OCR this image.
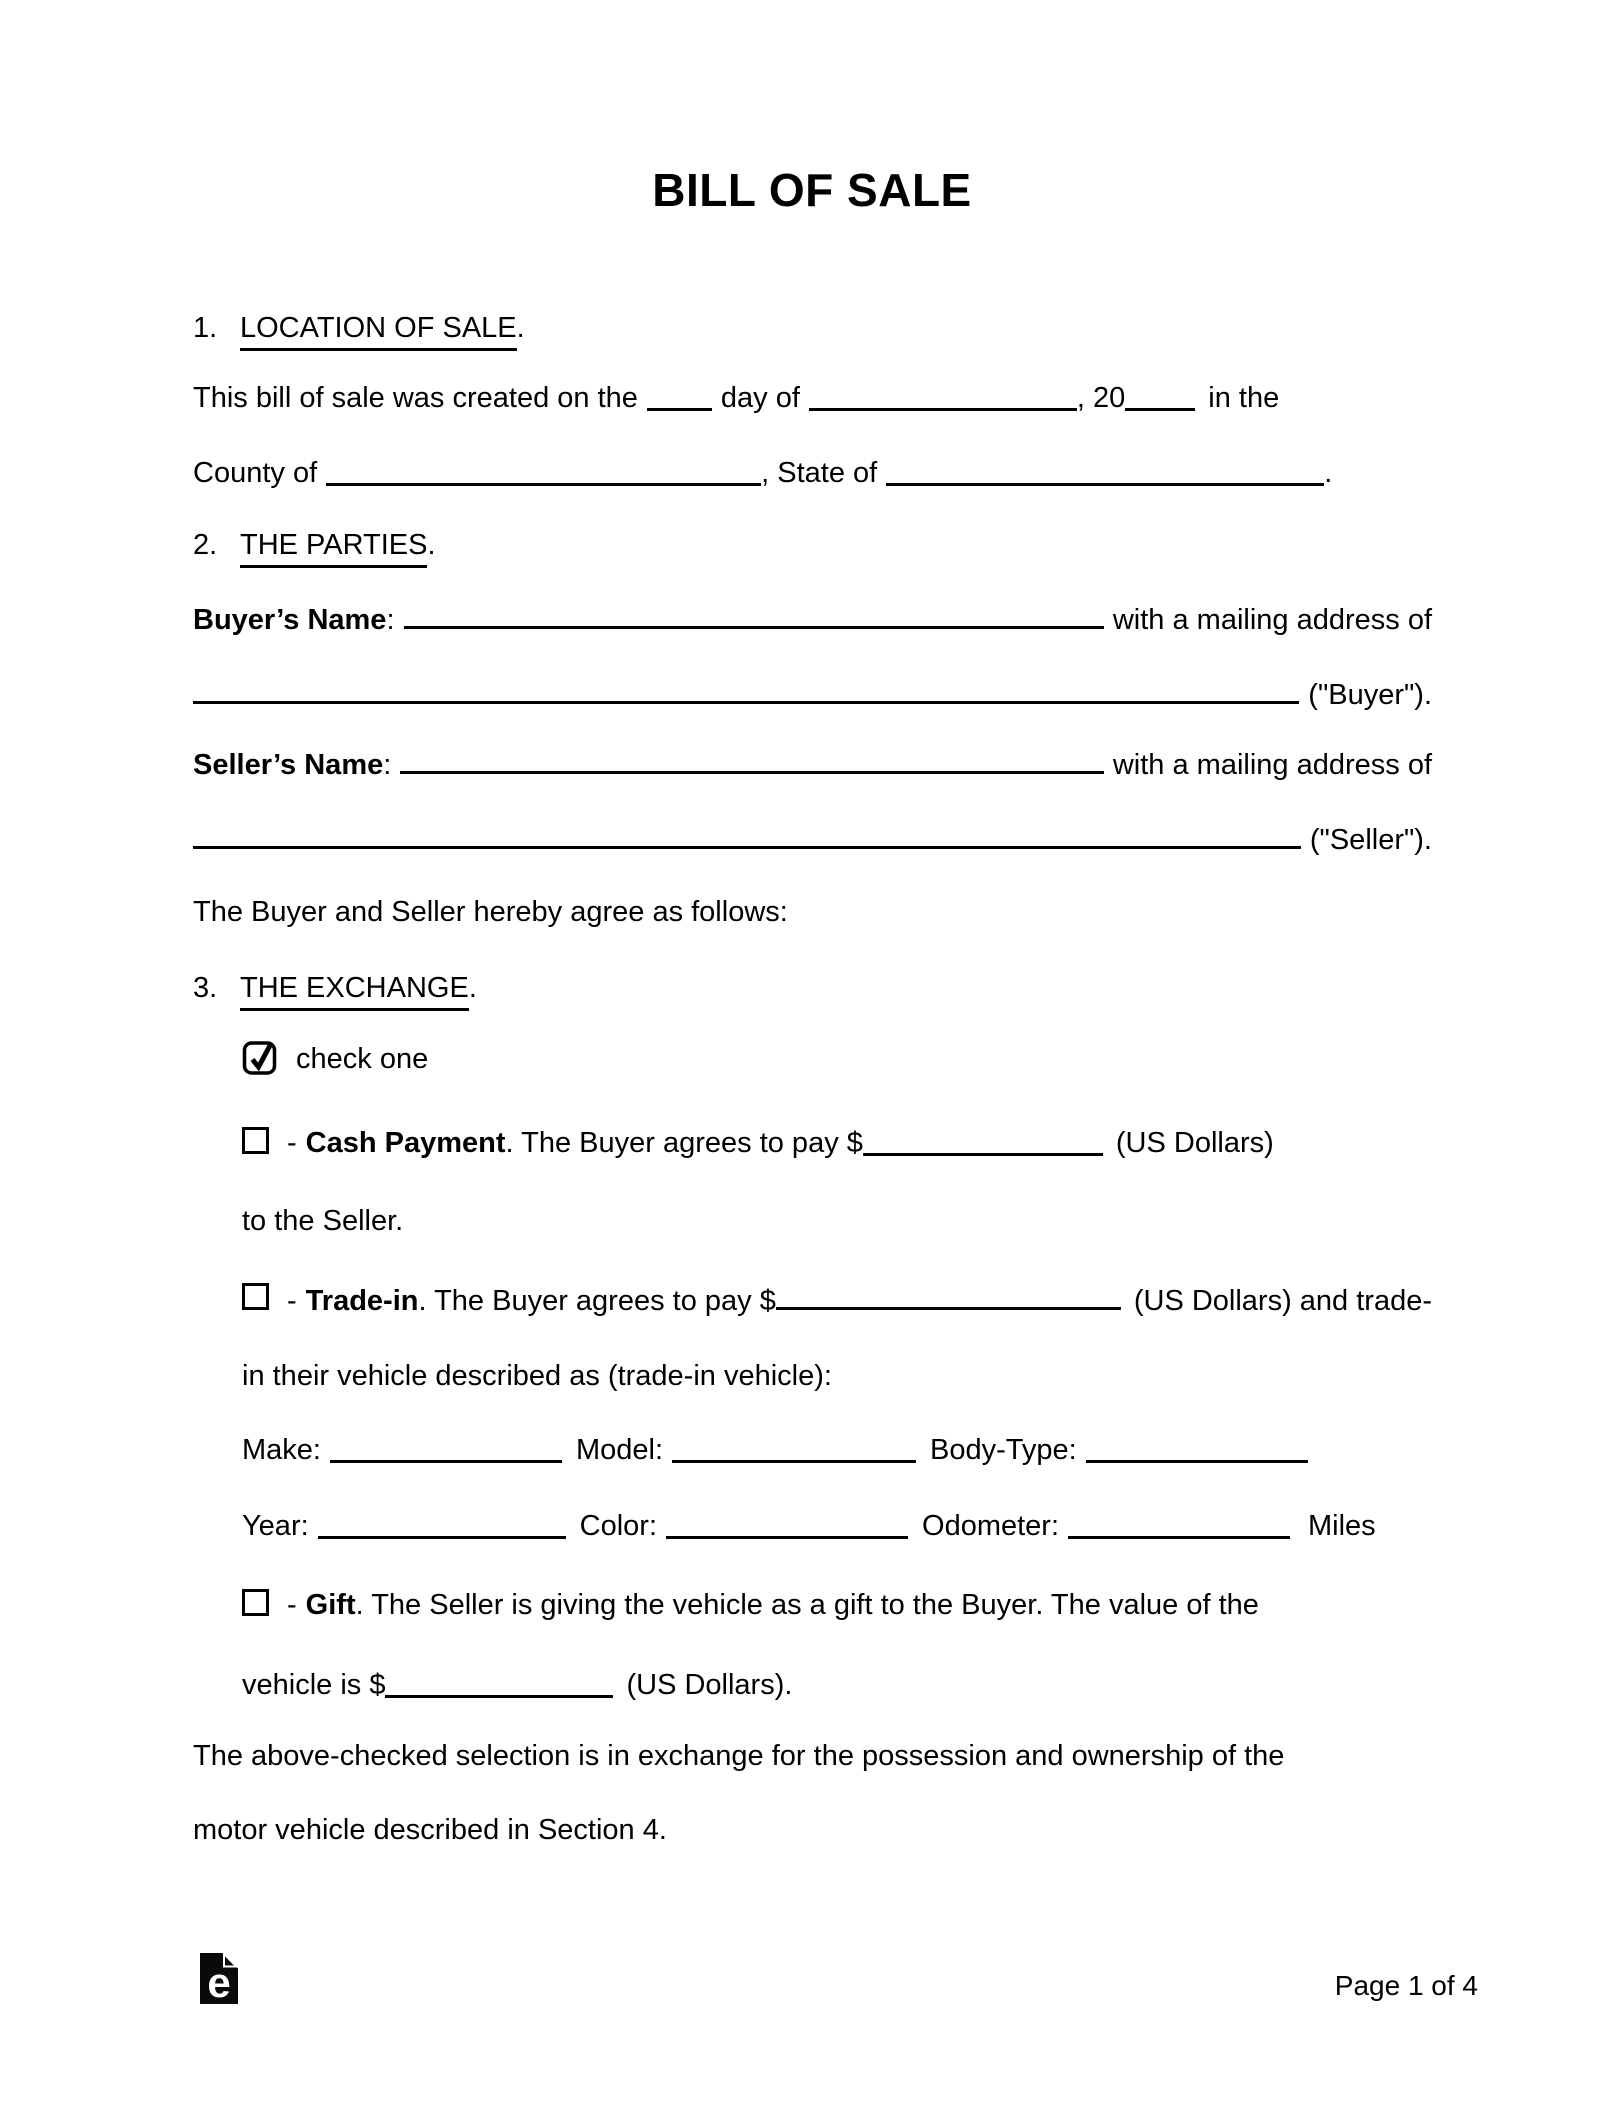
BILL OF SALE
1. LOCATION OF SALE.
This bill of sale was created on the	day of	, 20	in the
County of	, State of	.
2. THE PARTIES.
Buyer’s Name:	with a mailing address of
("Buyer").
Seller’s Name:	with a mailing address of
("Seller").
The Buyer and Seller hereby agree as follows:
3. THE EXCHANGE.
check one
- Cash Payment. The Buyer agrees to pay $	(US Dollars)
to the Seller.
- Trade-in . The Buyer agrees to pay $	(US Dollars) and trade-
in their vehicle described as (trade-in vehicle):
Make:	Model:	Body-Type:
Year:	Color:	Odometer:	Miles
- Gift. The Seller is giving the vehicle as a gift to the Buyer. The value of the
vehicle is $	(US Dollars).
The above-checked selection is in exchange for the possession and ownership of the
motor vehicle described in Section 4.
e	Page 1 of 4
